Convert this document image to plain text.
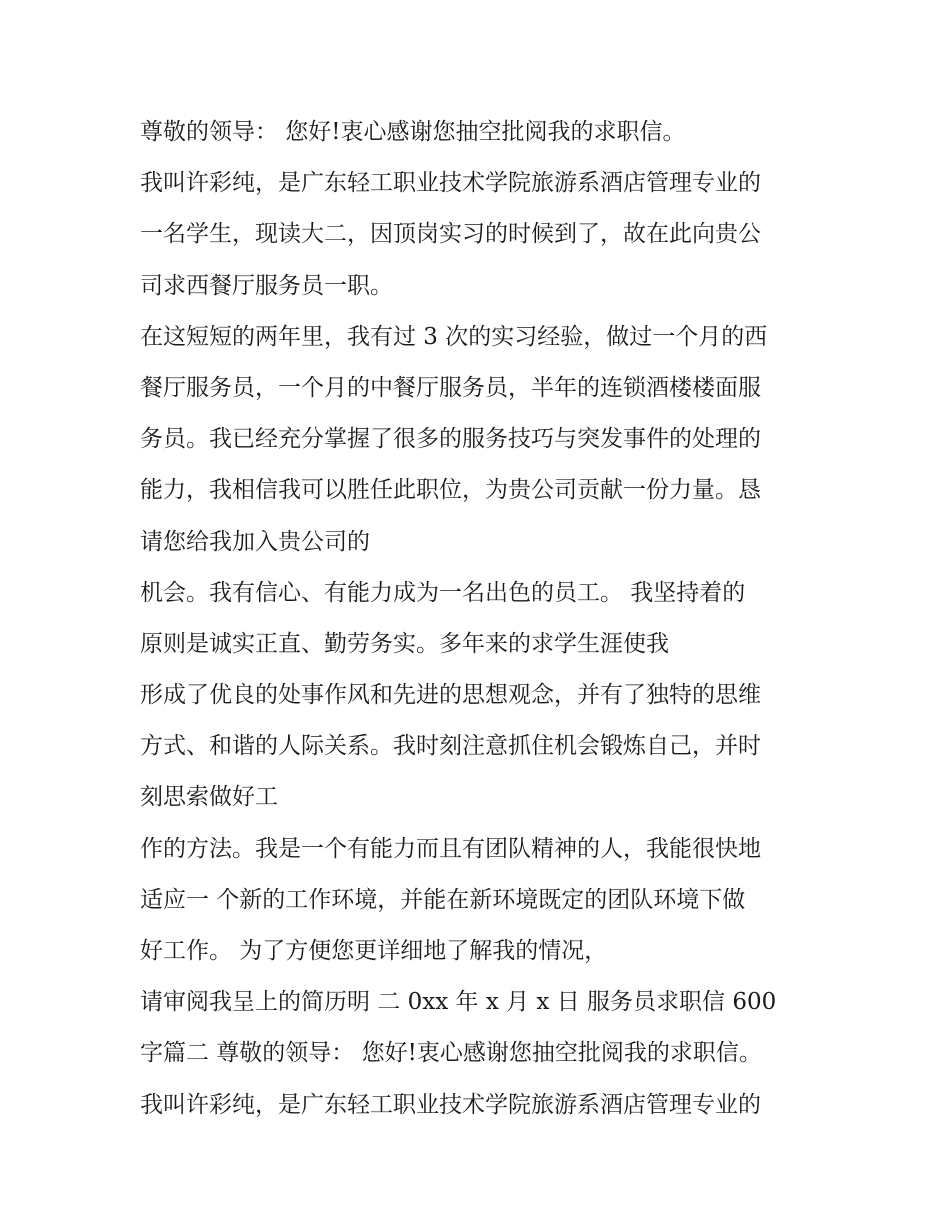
尊敬的领导： 您好!衷心感谢您抽空批阅我的求职信。
我叫许彩纯，是广东轻工职业技术学院旅游系酒店管理专业的
一名学生，现读大二，因顶岗实习的时候到了，故在此向贵公
司求西餐厅服务员一职。
在这短短的两年里，我有过 3 次的实习经验，做过一个月的西
餐厅服务员，一个月的中餐厅服务员，半年的连锁酒楼楼面服
务员。我已经充分掌握了很多的服务技巧与突发事件的处理的
能力，我相信我可以胜任此职位，为贵公司贡献一份力量。恳
请您给我加入贵公司的
机会。我有信心、有能力成为一名出色的员工。 我坚持着的
原则是诚实正直、勤劳务实。多年来的求学生涯使我
形成了优良的处事作风和先进的思想观念，并有了独特的思维
方式、和谐的人际关系。我时刻注意抓住机会锻炼自己，并时
刻思索做好工
作的方法。我是一个有能力而且有团队精神的人，我能很快地
适应一 个新的工作环境，并能在新环境既定的团队环境下做
好工作。 为了方便您更详细地了解我的情况，
请审阅我呈上的简历明 二 0xx 年 x 月 x 日 服务员求职信 600
字篇二 尊敬的领导： 您好!衷心感谢您抽空批阅我的求职信。
我叫许彩纯，是广东轻工职业技术学院旅游系酒店管理专业的
